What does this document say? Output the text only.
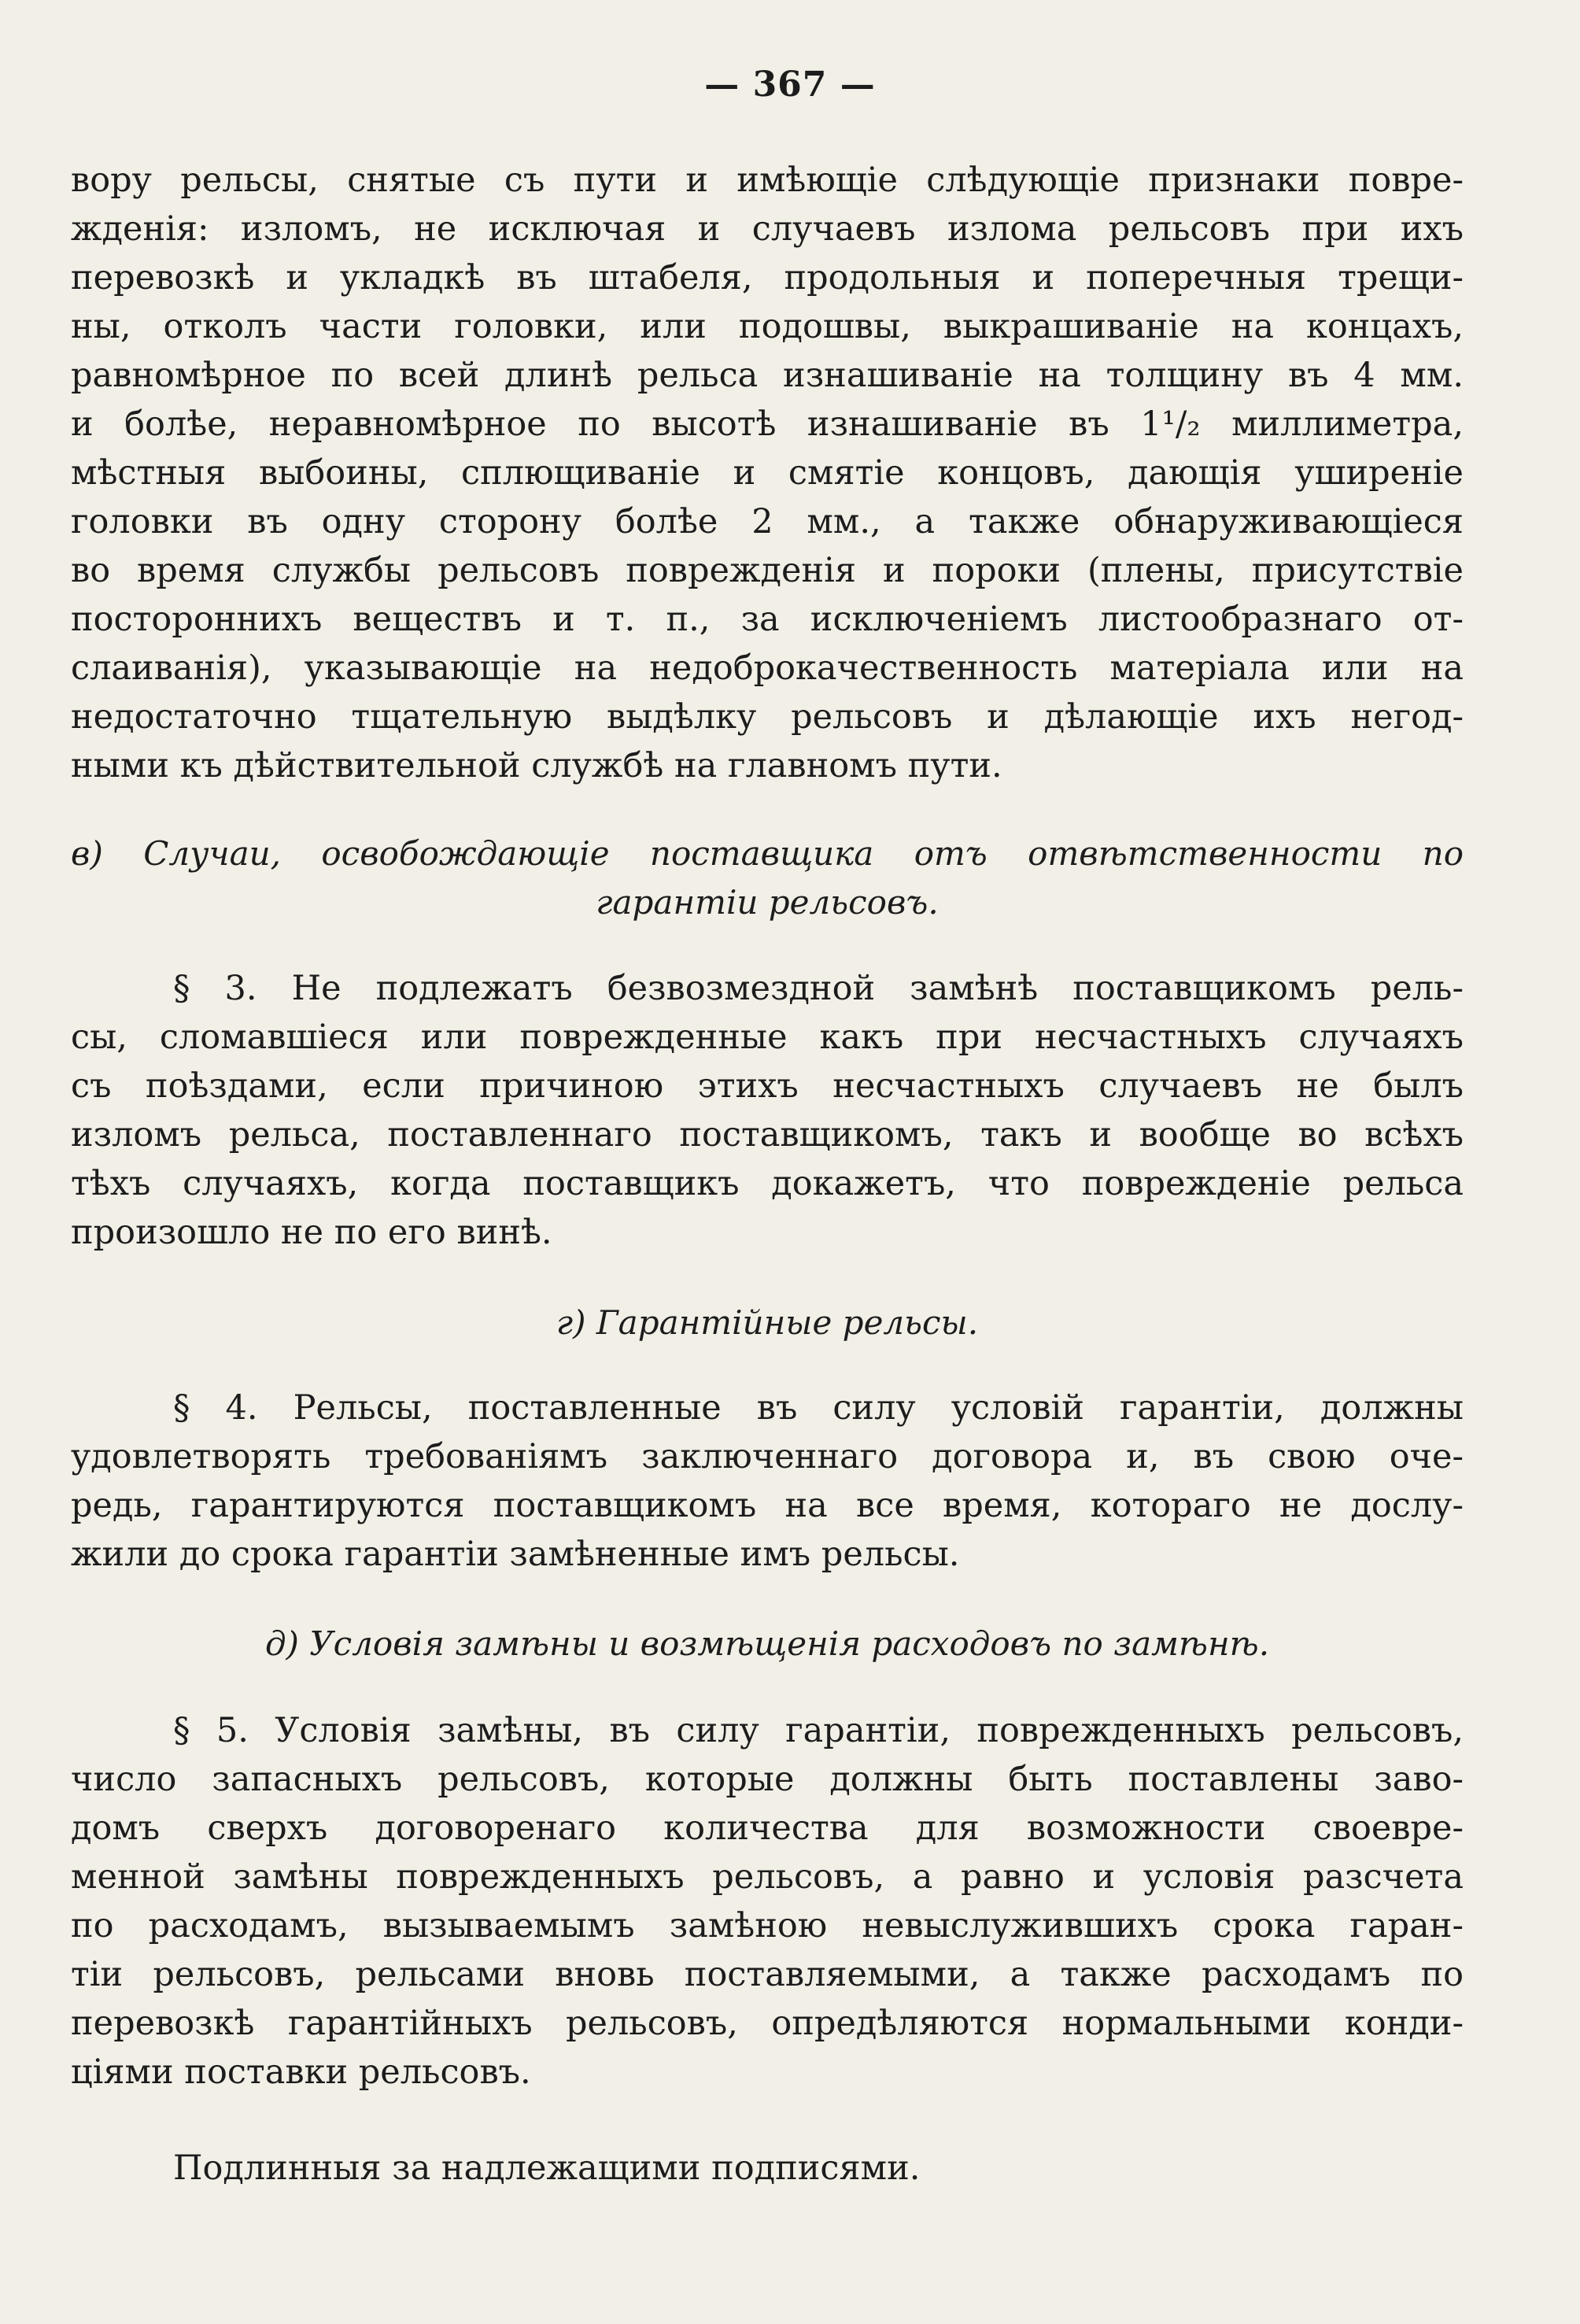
— 367 —
вору рельсы, снятые съ пути и имѣющіе слѣдующіе признаки повре-
жденія: изломъ, не исключая и случаевъ излома рельсовъ при ихъ
перевозкѣ и укладкѣ въ штабеля, продольныя и поперечныя трещи-
ны, отколъ части головки, или подошвы, выкрашиваніе на концахъ,
равномѣрное по всей длинѣ рельса изнашиваніе на толщину въ 4 мм.
и болѣе, неравномѣрное по высотѣ изнашиваніе въ 1¹/₂ миллиметра,
мѣстныя выбоины, сплющиваніе и смятіе концовъ, дающія уширеніе
головки въ одну сторону болѣе 2 мм., а также обнаруживающіеся
во время службы рельсовъ поврежденія и пороки (плены, присутствіе
постороннихъ веществъ и т. п., за исключеніемъ листообразнаго от-
слаиванія), указывающіе на недоброкачественность матеріала или на
недостаточно тщательную выдѣлку рельсовъ и дѣлающіе ихъ негод-
ными къ дѣйствительной службѣ на главномъ пути.
в) Случаи, освобождающіе поставщика отъ отвѣтственности по
гарантіи рельсовъ.
§ 3. Не подлежатъ безвозмездной замѣнѣ поставщикомъ рель-
сы, сломавшіеся или поврежденные какъ при несчастныхъ случаяхъ
съ поѣздами, если причиною этихъ несчастныхъ случаевъ не былъ
изломъ рельса, поставленнаго поставщикомъ, такъ и вообще во всѣхъ
тѣхъ случаяхъ, когда поставщикъ докажетъ, что поврежденіе рельса
произошло не по его винѣ.
г) Гарантійные рельсы.
§ 4. Рельсы, поставленные въ силу условій гарантіи, должны
удовлетворять требованіямъ заключеннаго договора и, въ свою оче-
редь, гарантируются поставщикомъ на все время, котораго не дослу-
жили до срока гарантіи замѣненные имъ рельсы.
д) Условія замѣны и возмѣщенія расходовъ по замѣнѣ.
§ 5. Условія замѣны, въ силу гарантіи, поврежденныхъ рельсовъ,
число запасныхъ рельсовъ, которые должны быть поставлены заво-
домъ сверхъ договоренаго количества для возможности своевре-
менной замѣны поврежденныхъ рельсовъ, а равно и условія разсчета
по расходамъ, вызываемымъ замѣною невыслужившихъ срока гаран-
тіи рельсовъ, рельсами вновь поставляемыми, а также расходамъ по
перевозкѣ гарантійныхъ рельсовъ, опредѣляются нормальными конди-
ціями поставки рельсовъ.
Подлинныя за надлежащими подписями.
